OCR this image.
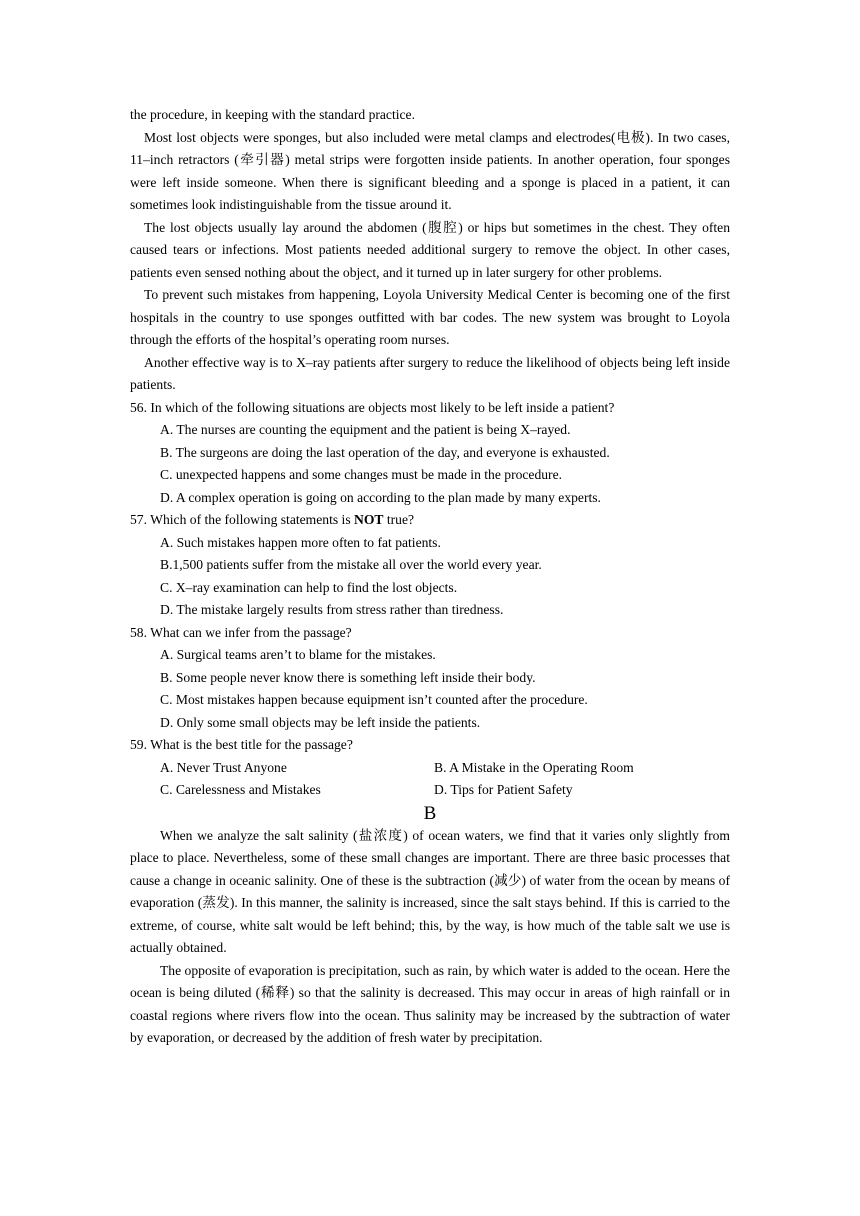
the procedure, in keeping with the standard practice.

Most lost objects were sponges, but also included were metal clamps and electrodes(电极). In two cases, 11–inch retractors (牵引器) metal strips were forgotten inside patients. In another operation, four sponges were left inside someone. When there is significant bleeding and a sponge is placed in a patient, it can sometimes look indistinguishable from the tissue around it.

The lost objects usually lay around the abdomen (腹腔) or hips but sometimes in the chest. They often caused tears or infections. Most patients needed additional surgery to remove the object. In other cases, patients even sensed nothing about the object, and it turned up in later surgery for other problems.

To prevent such mistakes from happening, Loyola University Medical Center is becoming one of the first hospitals in the country to use sponges outfitted with bar codes. The new system was brought to Loyola through the efforts of the hospital’s operating room nurses.

Another effective way is to X–ray patients after surgery to reduce the likelihood of objects being left inside patients.

56. In which of the following situations are objects most likely to be left inside a patient?

A. The nurses are counting the equipment and the patient is being X–rayed.

B. The surgeons are doing the last operation of the day, and everyone is exhausted.

C. unexpected happens and some changes must be made in the procedure.

D. A complex operation is going on according to the plan made by many experts.

57. Which of the following statements is NOT true?

A. Such mistakes happen more often to fat patients.

B.1,500 patients suffer from the mistake all over the world every year.

C. X–ray examination can help to find the lost objects.

D. The mistake largely results from stress rather than tiredness.

58. What can we infer from the passage?

A. Surgical teams aren’t to blame for the mistakes.

B. Some people never know there is something left inside their body.

C. Most mistakes happen because equipment isn’t counted after the procedure.

D. Only some small objects may be left inside the patients.

59. What is the best title for the passage?

A. Never Trust Anyone	B. A Mistake in the Operating Room
C. Carelessness and Mistakes	D. Tips for Patient Safety

B

When we analyze the salt salinity (盐浓度) of ocean waters, we find that it varies only slightly from place to place. Nevertheless, some of these small changes are important. There are three basic processes that cause a change in oceanic salinity. One of these is the subtraction (减少) of water from the ocean by means of evaporation (蒸发). In this manner, the salinity is increased, since the salt stays behind. If this is carried to the extreme, of course, white salt would be left behind; this, by the way, is how much of the table salt we use is actually obtained.

The opposite of evaporation is precipitation, such as rain, by which water is added to the ocean. Here the ocean is being diluted (稀释) so that the salinity is decreased. This may occur in areas of high rainfall or in coastal regions where rivers flow into the ocean. Thus salinity may be increased by the subtraction of water by evaporation, or decreased by the addition of fresh water by precipitation.
